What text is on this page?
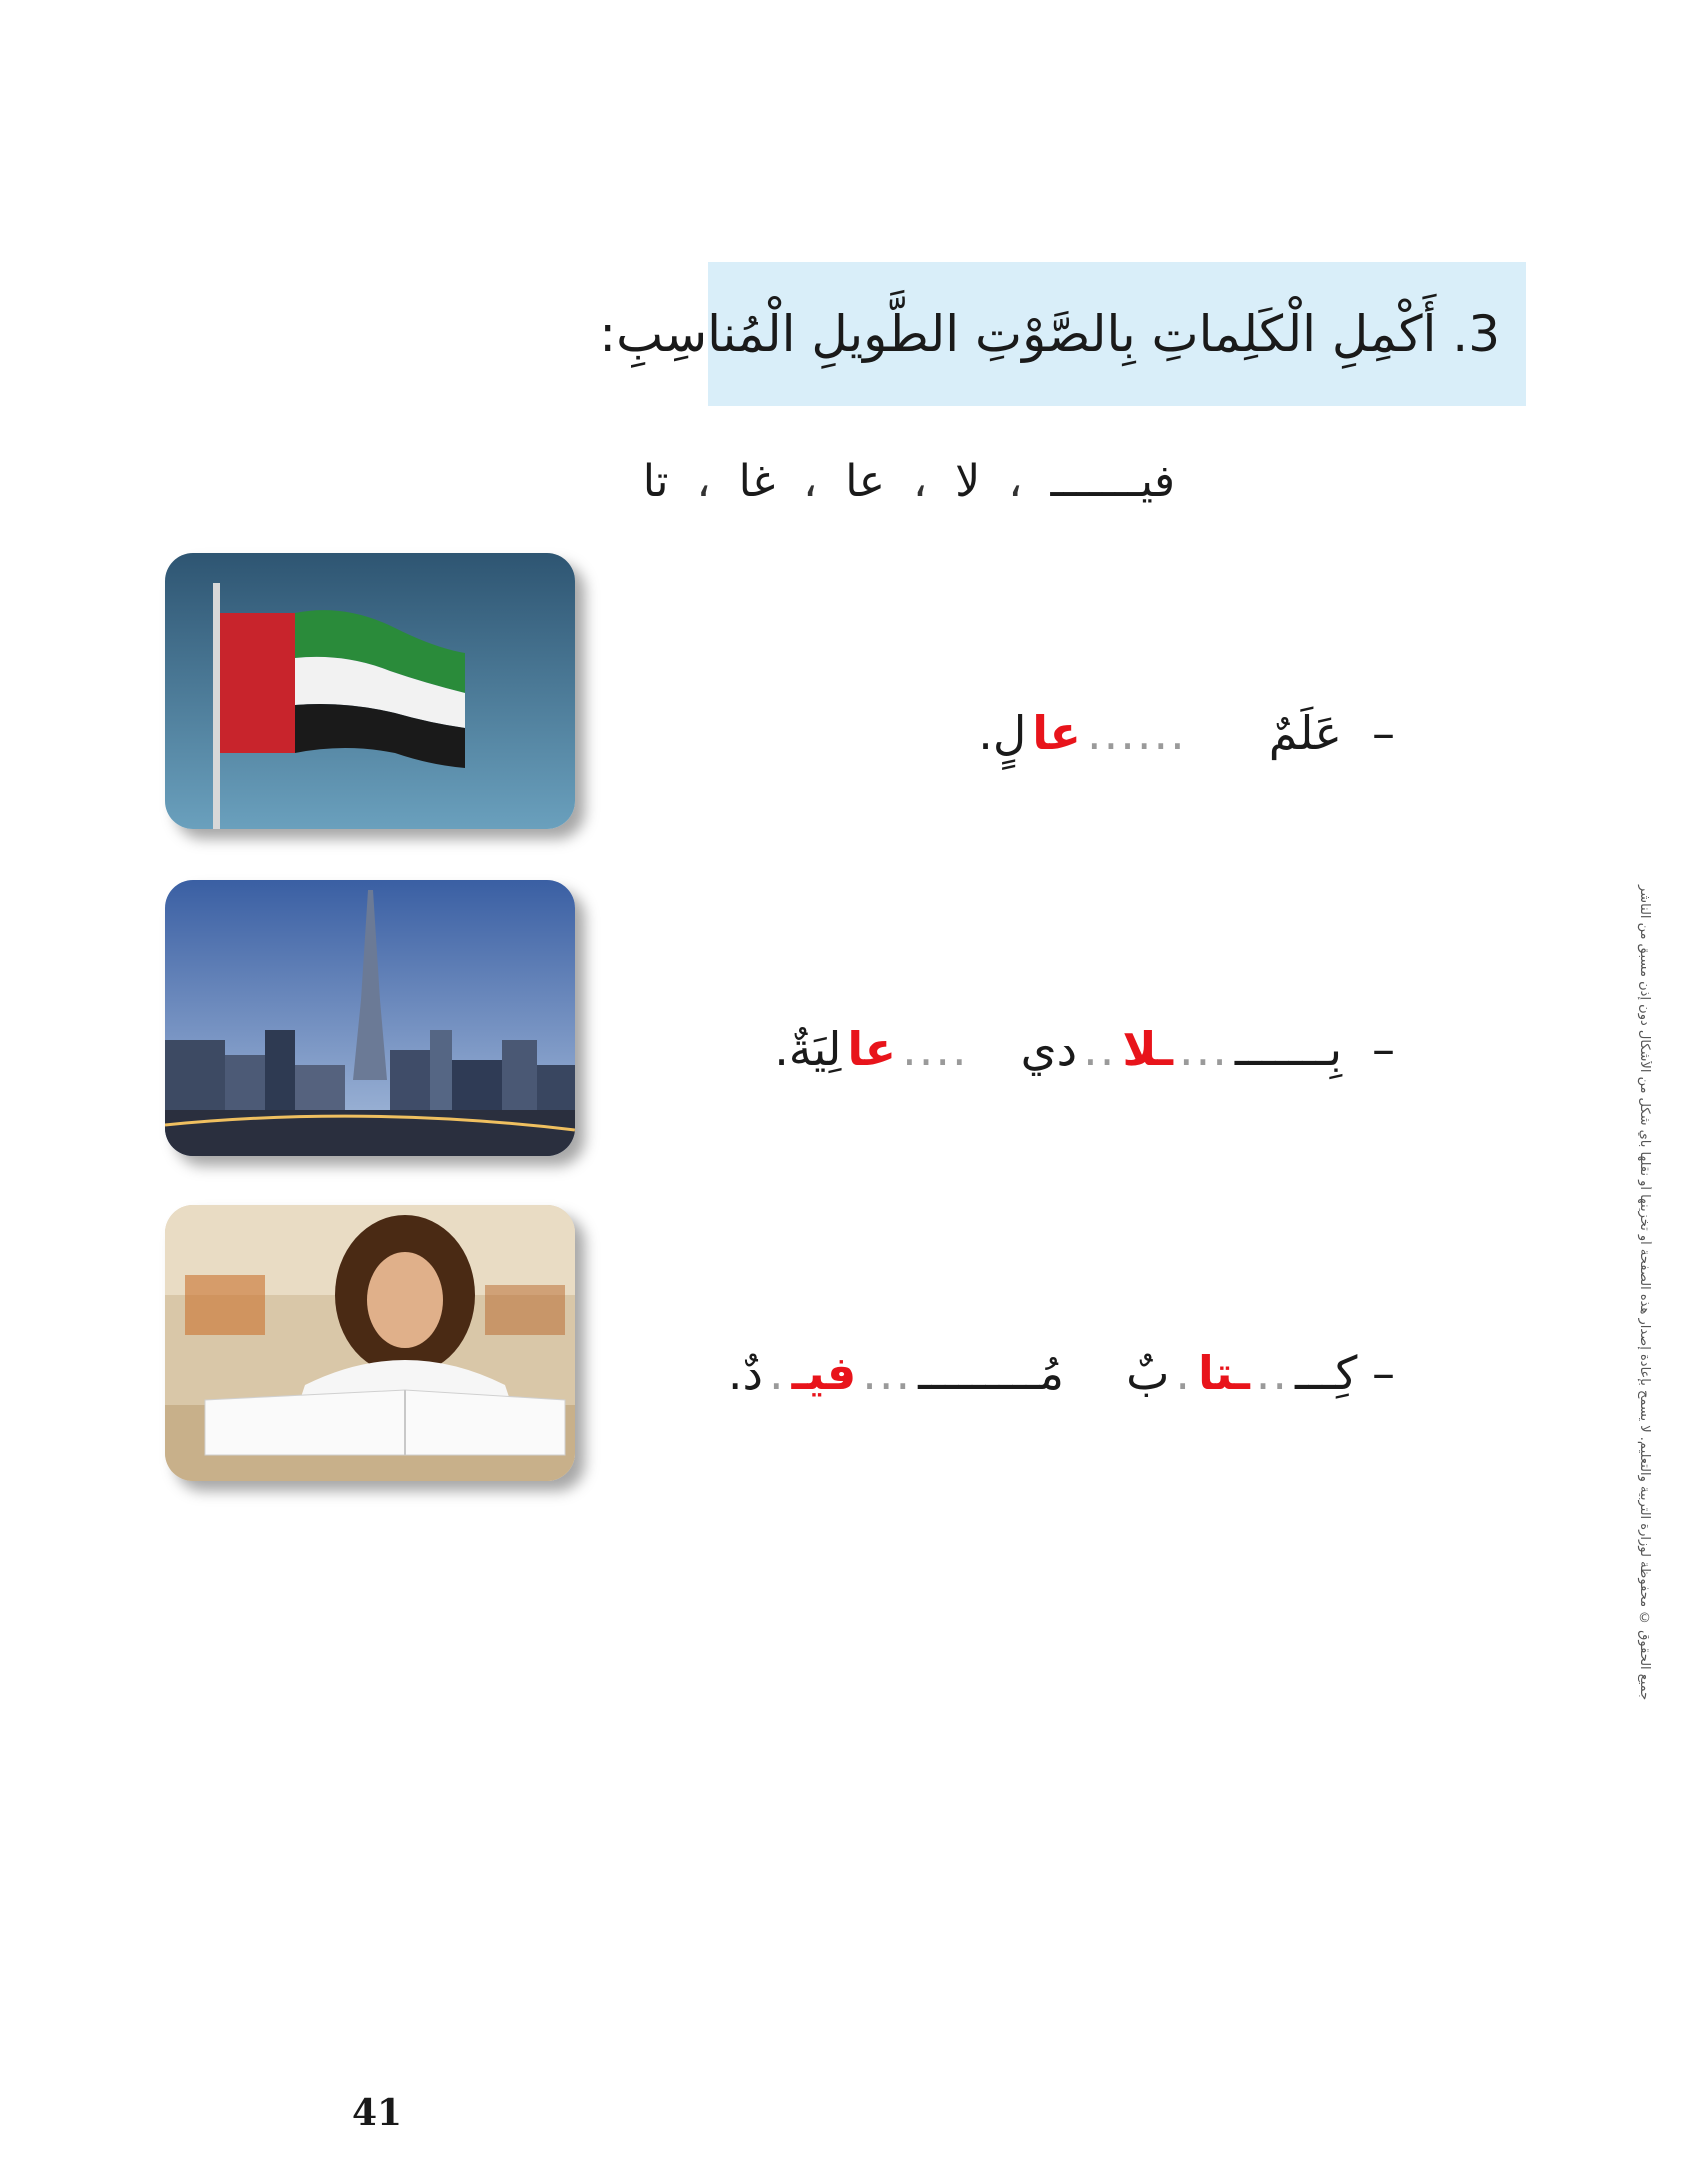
3. أَكْمِلِ الْكَلِماتِ بِالصَّوْتِ الطَّويلِ الْمُناسِبِ:
فيـــــــ
،
لا
،
عا
،
غا
،
تا
–
عَلَمٌ
......
عا
لٍ.
–
بِـــــــ
...
ـلا
..
دي
....
عا
لِيَةٌ.
– كِـــ
..
ـتا
.
بٌ
مُـــــــــ
...
فيـ
.
دٌ.	جميع الحقوق © محفوظة لوزارة التربية والتعليم. لا يسمح بإعادة إصدار هذه الصفحة أو تخزينها أو نقلها بأي شكل من الأشكال دون إذن مسبق من الناشر
41
